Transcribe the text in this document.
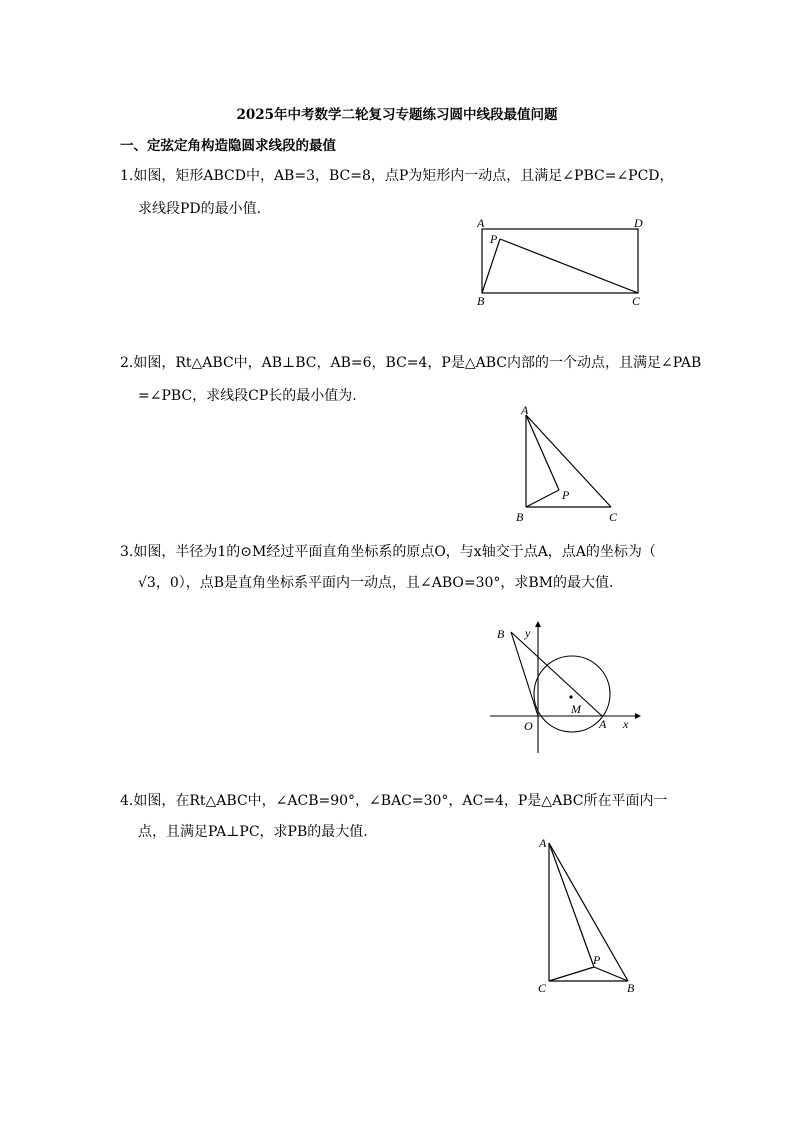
2025年中考数学二轮复习专题练习圆中线段最值问题
一、定弦定角构造隐圆求线段的最值
1.如图，矩形ABCD中，AB=3，BC=8，点P为矩形内一动点，且满足∠PBC=∠PCD，
求线段PD的最小值.
A	D
P
B	C
2.如图，Rt△ABC中，AB⊥BC，AB=6，BC=4，P是△ABC内部的一个动点，且满足∠PAB
=∠PBC，求线段CP长的最小值为.
A
P
B	C
3.如图，半径为1的⊙M经过平面直角坐标系的原点O，与x轴交于点A，点A的坐标为（
√3，0），点B是直角坐标系平面内一动点，且∠ABO=30°，求BM的最大值.
B y
M
O	A x
4.如图，在Rt△ABC中，∠ACB=90°，∠BAC=30°，AC=4，P是△ABC所在平面内一
点，且满足PA⊥PC，求PB的最大值.
A
P
C	B
